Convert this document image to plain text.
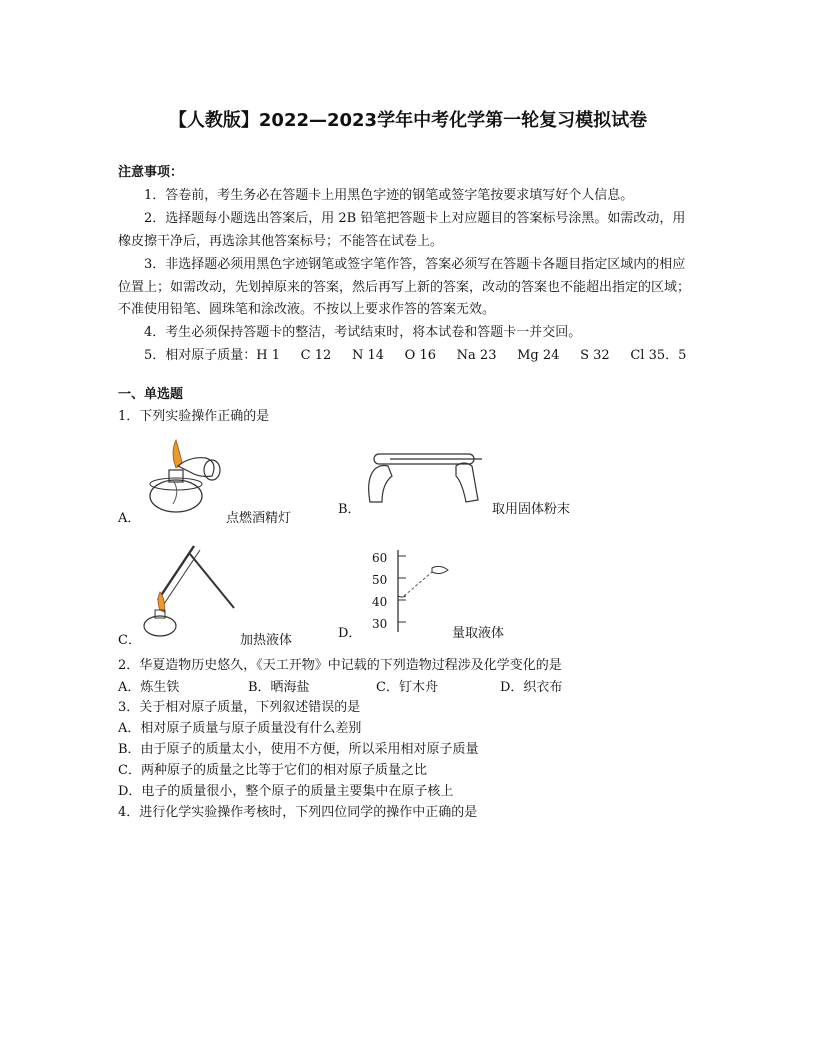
【人教版】2022—2023学年中考化学第一轮复习模拟试卷
注意事项：
1．答卷前，考生务必在答题卡上用黑色字迹的钢笔或签字笔按要求填写好个人信息。
2．选择题每小题选出答案后，用 2B 铅笔把答题卡上对应题目的答案标号涂黑。如需改动，用橡皮擦干净后，再选涂其他答案标号；不能答在试卷上。
3．非选择题必须用黑色字迹钢笔或签字笔作答，答案必须写在答题卡各题目指定区域内的相应位置上；如需改动，先划掉原来的答案，然后再写上新的答案，改动的答案也不能超出指定的区域；不准使用铅笔、圆珠笔和涂改液。不按以上要求作答的答案无效。
4．考生必须保持答题卡的整洁，考试结束时，将本试卷和答题卡一并交回。
5．相对原子质量：H 1     C 12     N 14     O 16     Na 23     Mg 24     S 32     Cl 35．5
一、单选题
1．下列实验操作正确的是
A．	点燃酒精灯
B．	取用固体粉末
C．	加热液体
60
50
40
30
D．	量取液体
2．华夏造物历史悠久，《天工开物》中记载的下列造物过程涉及化学变化的是
A．炼生铁	B．晒海盐	C．钉木舟	D．织衣布
3．关于相对原子质量，下列叙述错误的是
A．相对原子质量与原子质量没有什么差别
B．由于原子的质量太小，使用不方便，所以采用相对原子质量
C．两种原子的质量之比等于它们的相对原子质量之比
D．电子的质量很小，整个原子的质量主要集中在原子核上
4．进行化学实验操作考核时，下列四位同学的操作中正确的是
